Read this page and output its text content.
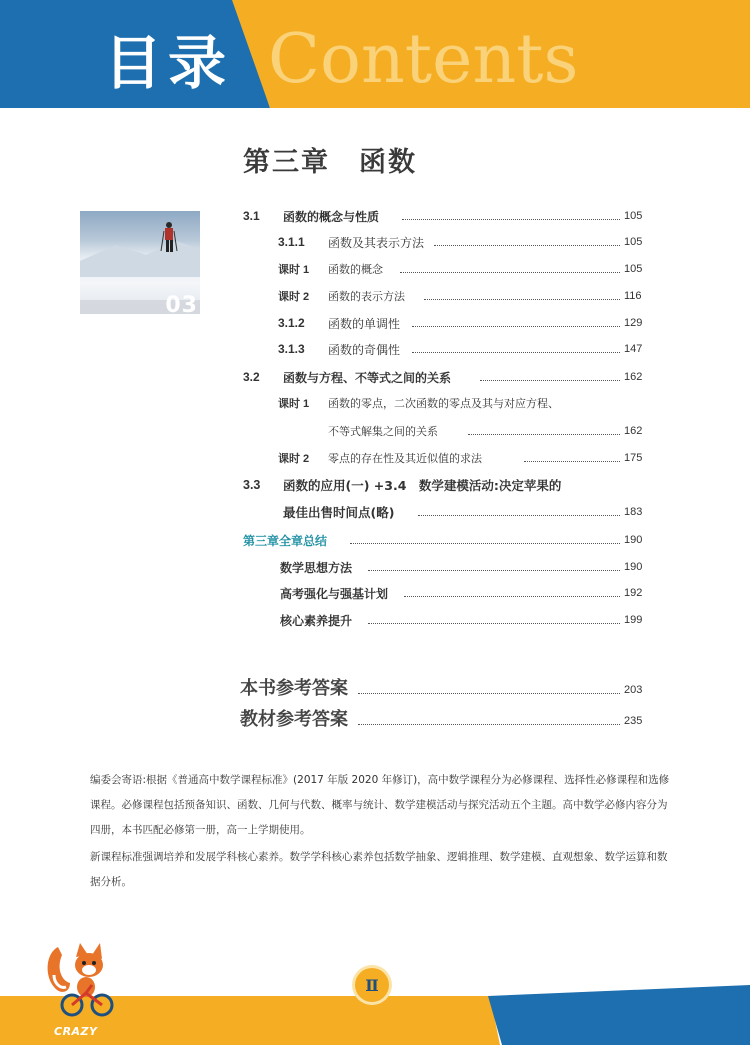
Contents
目录
第三章　函数
03
3.1	函数的概念与性质	105
3.1.1	函数及其表示方法	105
课时 1	函数的概念	105
课时 2	函数的表示方法	116
3.1.2	函数的单调性	129
3.1.3	函数的奇偶性	147
3.2	函数与方程、不等式之间的关系	162
课时 1	函数的零点，二次函数的零点及其与对应方程、
不等式解集之间的关系	162
课时 2	零点的存在性及其近似值的求法	175
3.3	函数的应用(一) +3.4　数学建模活动:决定苹果的
最佳出售时间点(略)	183
第三章全章总结	190
数学思想方法	190
高考强化与强基计划	192
核心素养提升	199
本书参考答案	203
教材参考答案	235
编委会寄语:根据《普通高中数学课程标准》(2017 年版 2020 年修订)，高中数学课程分为必修课程、选择性必修课程和选修课程。必修课程包括预备知识、函数、几何与代数、概率与统计、数学建模活动与探究活动五个主题。高中数学必修内容分为四册，本书匹配必修第一册，高一上学期使用。
新课程标准强调培养和发展学科核心素养。数学学科核心素养包括数学抽象、逻辑推理、数学建模、直观想象、数学运算和数据分析。
Ⅱ
CRAZY
